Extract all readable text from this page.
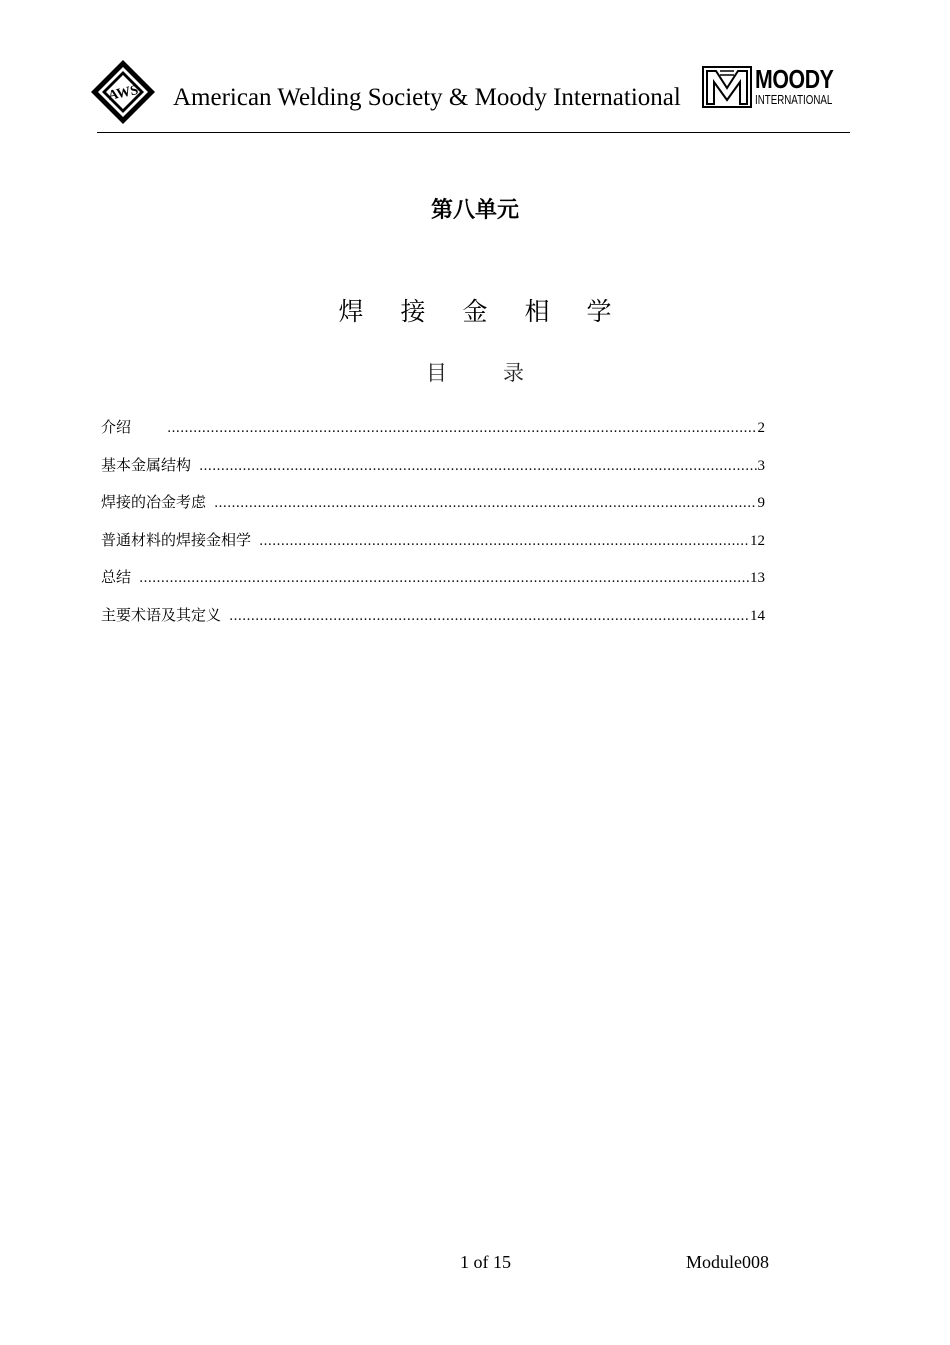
AWS American Welding Society & Moody International
MOODY
INTERNATIONAL
第八单元
焊接金相学
目录
介绍 …………………………………………………………………………………………………………………………………………………………………………	2
基本金属结构 …………………………………………………………………………………………………………………………………………………………………………	3
焊接的冶金考虑 …………………………………………………………………………………………………………………………………………………………………………	9
普通材料的焊接金相学 …………………………………………………………………………………………………………………………………………………………………………	12
总结 …………………………………………………………………………………………………………………………………………………………………………	13
主要术语及其定义 …………………………………………………………………………………………………………………………………………………………………………	14
1 of 15	Module008
